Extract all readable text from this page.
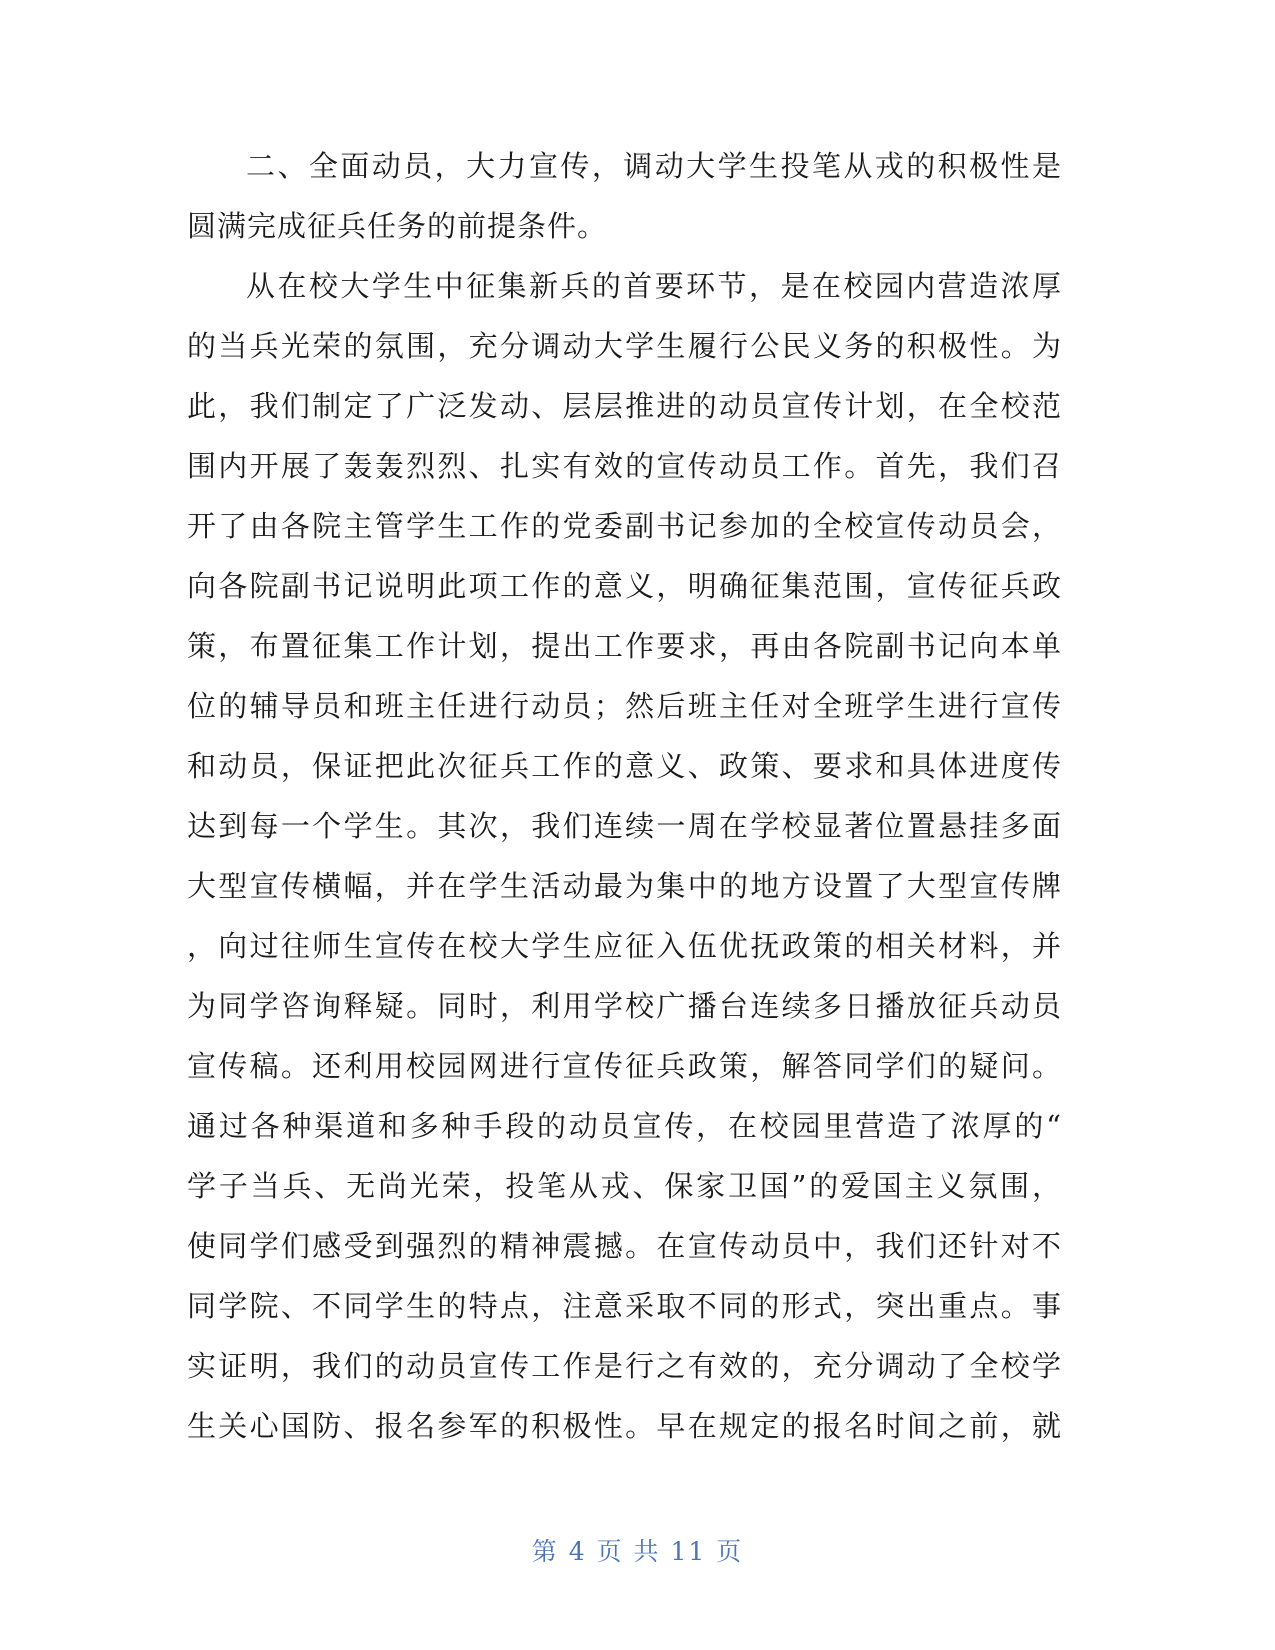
二、全面动员，大力宣传，调动大学生投笔从戎的积极性是
圆满完成征兵任务的前提条件。
从在校大学生中征集新兵的首要环节，是在校园内营造浓厚
的当兵光荣的氛围，充分调动大学生履行公民义务的积极性。为
此，我们制定了广泛发动、层层推进的动员宣传计划，在全校范
围内开展了轰轰烈烈、扎实有效的宣传动员工作。首先，我们召
开了由各院主管学生工作的党委副书记参加的全校宣传动员会，
向各院副书记说明此项工作的意义，明确征集范围，宣传征兵政
策，布置征集工作计划，提出工作要求，再由各院副书记向本单
位的辅导员和班主任进行动员；然后班主任对全班学生进行宣传
和动员，保证把此次征兵工作的意义、政策、要求和具体进度传
达到每一个学生。其次，我们连续一周在学校显著位置悬挂多面
大型宣传横幅，并在学生活动最为集中的地方设置了大型宣传牌
，向过往师生宣传在校大学生应征入伍优抚政策的相关材料，并
为同学咨询释疑。同时，利用学校广播台连续多日播放征兵动员
宣传稿。还利用校园网进行宣传征兵政策，解答同学们的疑问。
通过各种渠道和多种手段的动员宣传，在校园里营造了浓厚的“
学子当兵、无尚光荣，投笔从戎、保家卫国”的爱国主义氛围，
使同学们感受到强烈的精神震撼。在宣传动员中，我们还针对不
同学院、不同学生的特点，注意采取不同的形式，突出重点。事
实证明，我们的动员宣传工作是行之有效的，充分调动了全校学
生关心国防、报名参军的积极性。早在规定的报名时间之前，就
第 4 页 共 11 页
